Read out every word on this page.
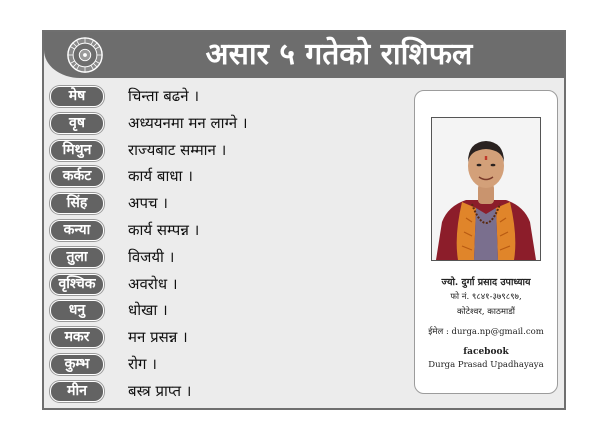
असार ५ गतेको राशिफल
मेष	चिन्ता बढने ।
वृष	अध्ययनमा मन लाग्ने ।
मिथुन	राज्यबाट सम्मान ।
कर्कट	कार्य बाधा ।
सिंह	अपच ।
कन्या	कार्य सम्पन्न ।
तुला	विजयी ।
वृश्चिक	अवरोध ।
धनु	धोखा ।
मकर	मन प्रसन्न ।
कुम्भ	रोग ।
मीन	बस्त्र प्राप्त ।
ज्यो. दुर्गा प्रसाद उपाध्याय
फो नं. ९८४१-३७९८९७,
कोटेश्वर, काठमाडौं
ईमेल : durga.np@gmail.com
facebook
Durga Prasad Upadhayaya
